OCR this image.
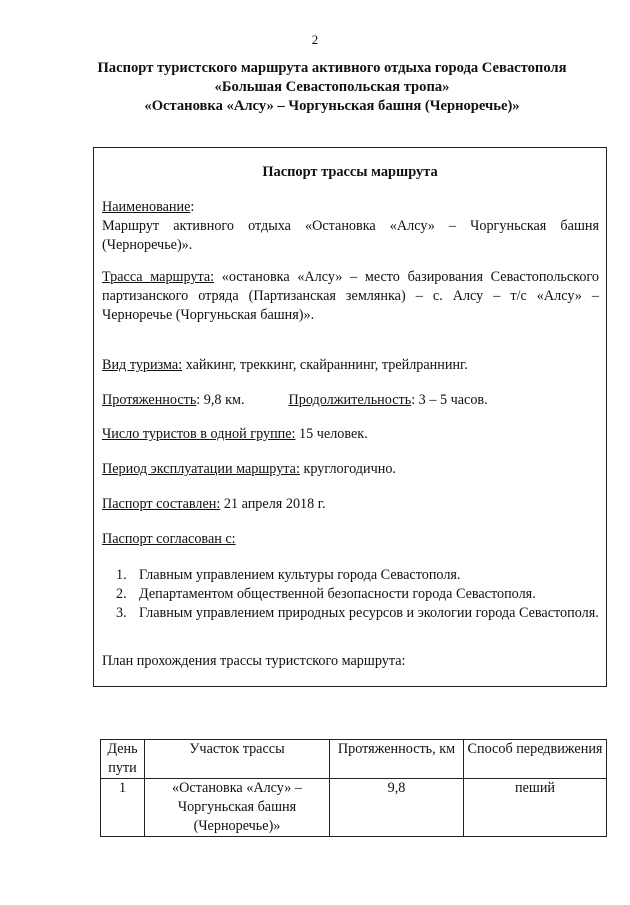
2
Паспорт туристского маршрута активного отдыха города Севастополя
«Большая Севастопольская тропа»
«Остановка «Алсу» – Чоргуньская башня (Черноречье)»
Паспорт трассы маршрута
Наименование:
Маршрут активного отдыха «Остановка «Алсу» – Чоргуньская башня (Черноречье)».
Трасса маршрута: «остановка «Алсу» – место базирования Севастопольского партизанского отряда (Партизанская землянка) – с. Алсу – т/с «Алсу» – Черноречье (Чоргуньская башня)».
Вид туризма: хайкинг, треккинг, скайраннинг, трейлраннинг.
Протяженность: 9,8 км.	Продолжительность: 3 – 5 часов.
Число туристов в одной группе: 15 человек.
Период эксплуатации маршрута: круглогодично.
Паспорт составлен: 21 апреля 2018 г.
Паспорт согласован с:
1. Главным управлением культуры города Севастополя.
2. Департаментом общественной безопасности города Севастополя.
3. Главным управлением природных ресурсов и экологии города Севастополя.
План прохождения трассы туристского маршрута:
День пути	Участок трассы	Протяженность, км	Способ передвижения
1	«Остановка «Алсу» – Чоргуньская башня (Черноречье)»	9,8	пеший
